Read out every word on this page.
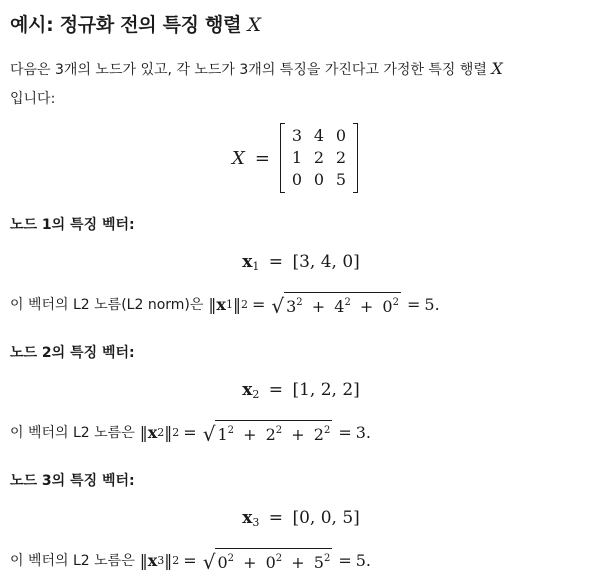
예시: 정규화 전의 특징 행렬 X
다음은 3개의 노드가 있고, 각 노드가 3개의 특징을 가진다고 가정한 특징 행렬 X
입니다:
X =
3 4 0
1 2 2
0 0 5
노드 1의 특징 벡터:
x1 = [3, 4, 0]
이 벡터의 L2 노름(L2 norm)은 ‖ x 1 ‖ 2 = √ $3^2 + 4^2 + 0^2 = 5$.
노드 2의 특징 벡터:
x2 = [1, 2, 2]
이 벡터의 L2 노름은 ‖ x 2 ‖ 2 = √ $1^2 + 2^2 + 2^2 = 3$.
노드 3의 특징 벡터:
x3 = [0, 0, 5]
이 벡터의 L2 노름은 ‖ x 3 ‖ 2 = √ $0^2 + 0^2 + 5^2 = 5$.
